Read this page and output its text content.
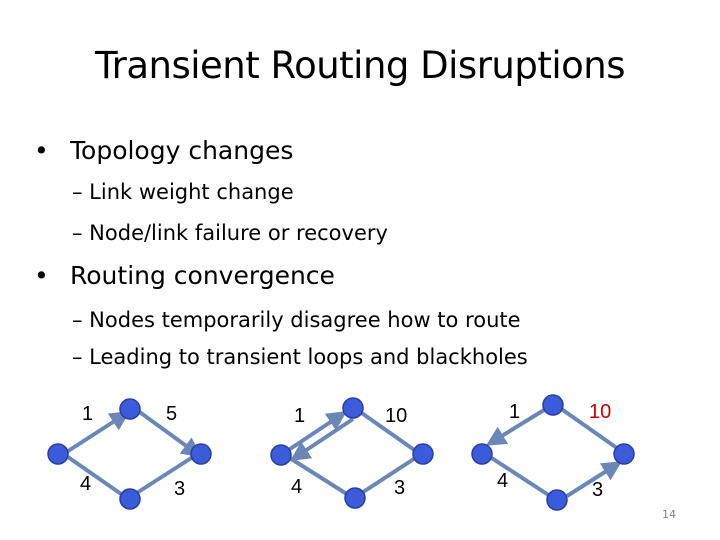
Transient Routing Disruptions
• Topology changes
– Link weight change
– Node/link failure or recovery
• Routing convergence
– Nodes temporarily disagree how to route
– Leading to transient loops and blackholes
1	5
4	3
1	10
4	3
1	10
4	3
14
